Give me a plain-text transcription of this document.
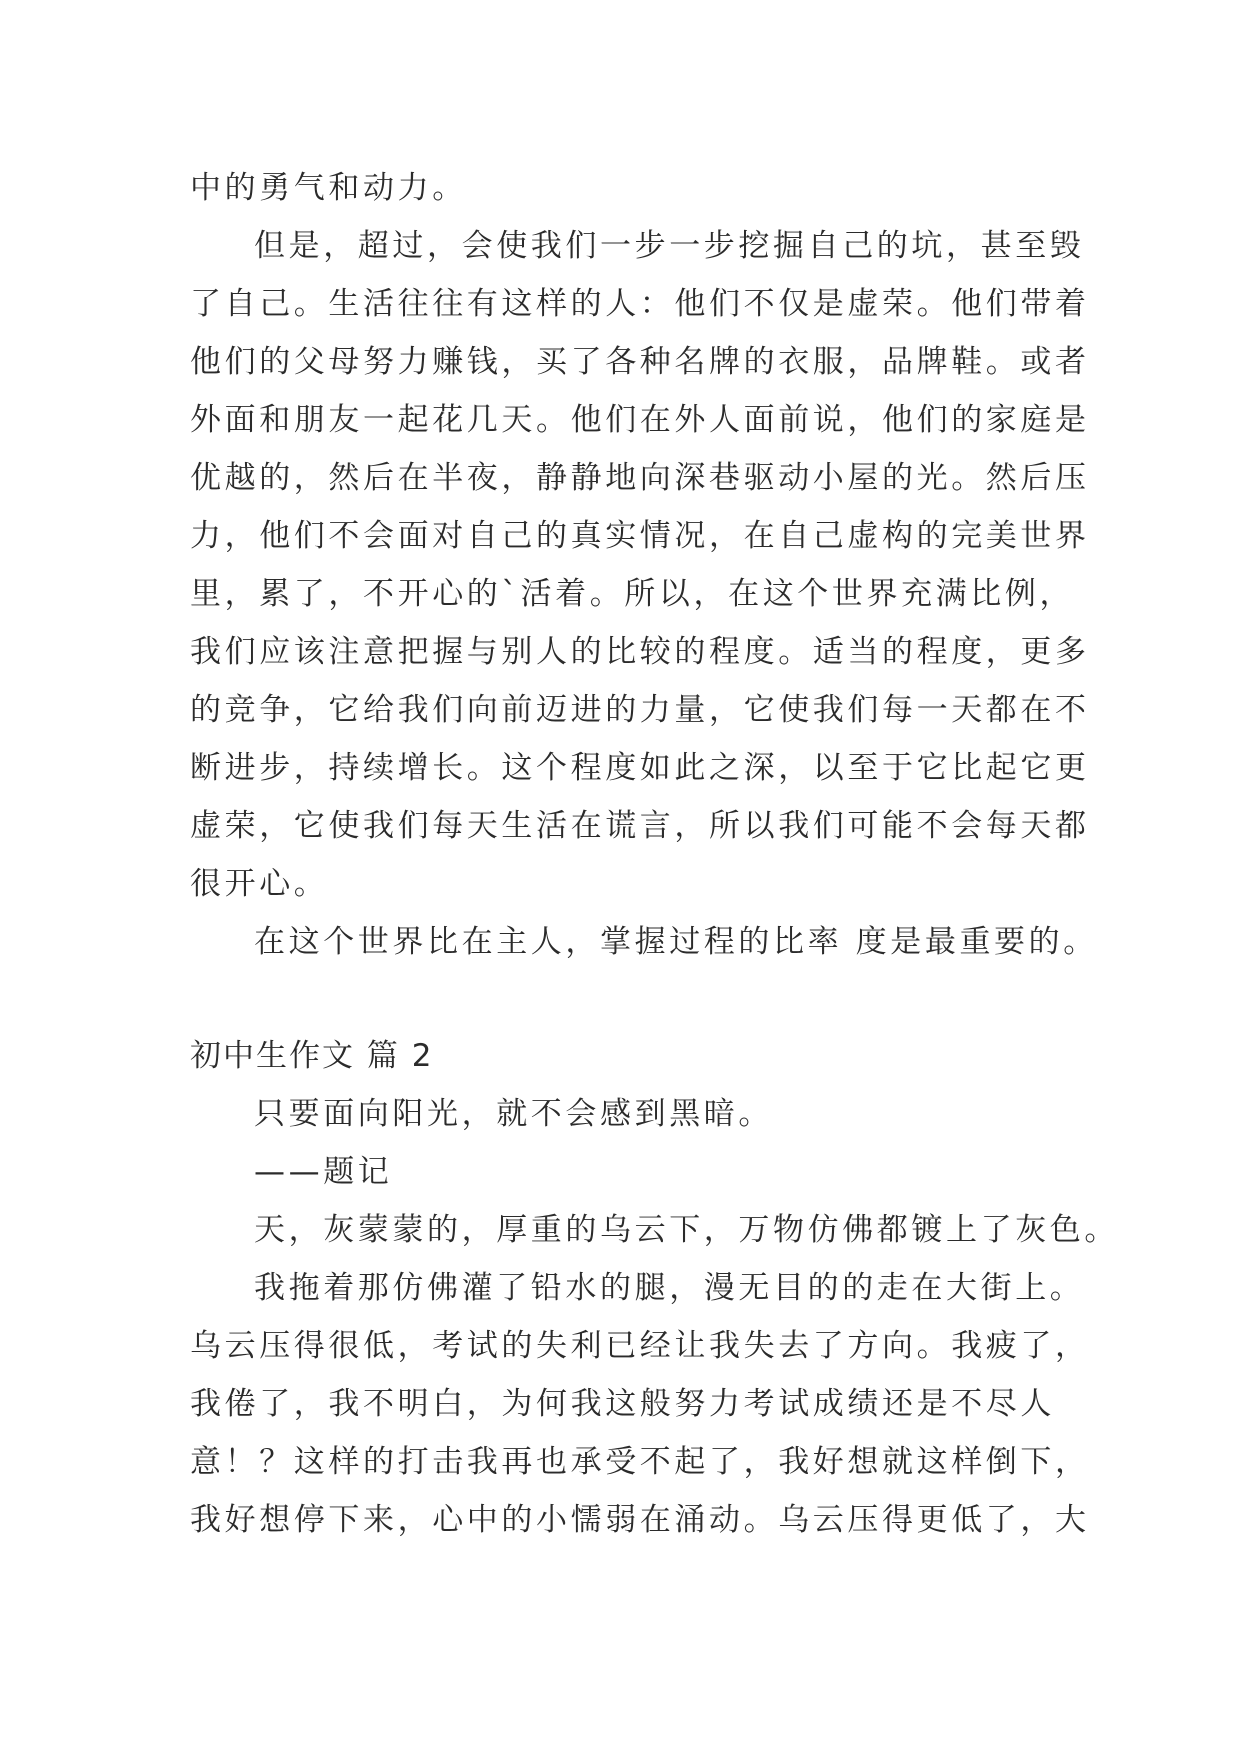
中的勇气和动力。

但是，超过，会使我们一步一步挖掘自己的坑，甚至毁

了自己。生活往往有这样的人：他们不仅是虚荣。他们带着

他们的父母努力赚钱，买了各种名牌的衣服，品牌鞋。或者

外面和朋友一起花几天。他们在外人面前说，他们的家庭是

优越的，然后在半夜，静静地向深巷驱动小屋的光。然后压

力，他们不会面对自己的真实情况，在自己虚构的完美世界

里，累了，不开心的`活着。所以，在这个世界充满比例，

我们应该注意把握与别人的比较的程度。适当的程度，更多

的竞争，它给我们向前迈进的力量，它使我们每一天都在不

断进步，持续增长。这个程度如此之深，以至于它比起它更

虚荣，它使我们每天生活在谎言，所以我们可能不会每天都

很开心。

在这个世界比在主人，掌握过程的比率 度是最重要的。

初中生作文 篇 2

只要面向阳光，就不会感到黑暗。

——题记

天，灰蒙蒙的，厚重的乌云下，万物仿佛都镀上了灰色。

我拖着那仿佛灌了铅水的腿，漫无目的的走在大街上。

乌云压得很低，考试的失利已经让我失去了方向。我疲了，

我倦了，我不明白，为何我这般努力考试成绩还是不尽人

意！？这样的打击我再也承受不起了，我好想就这样倒下，

我好想停下来，心中的小懦弱在涌动。乌云压得更低了，大
